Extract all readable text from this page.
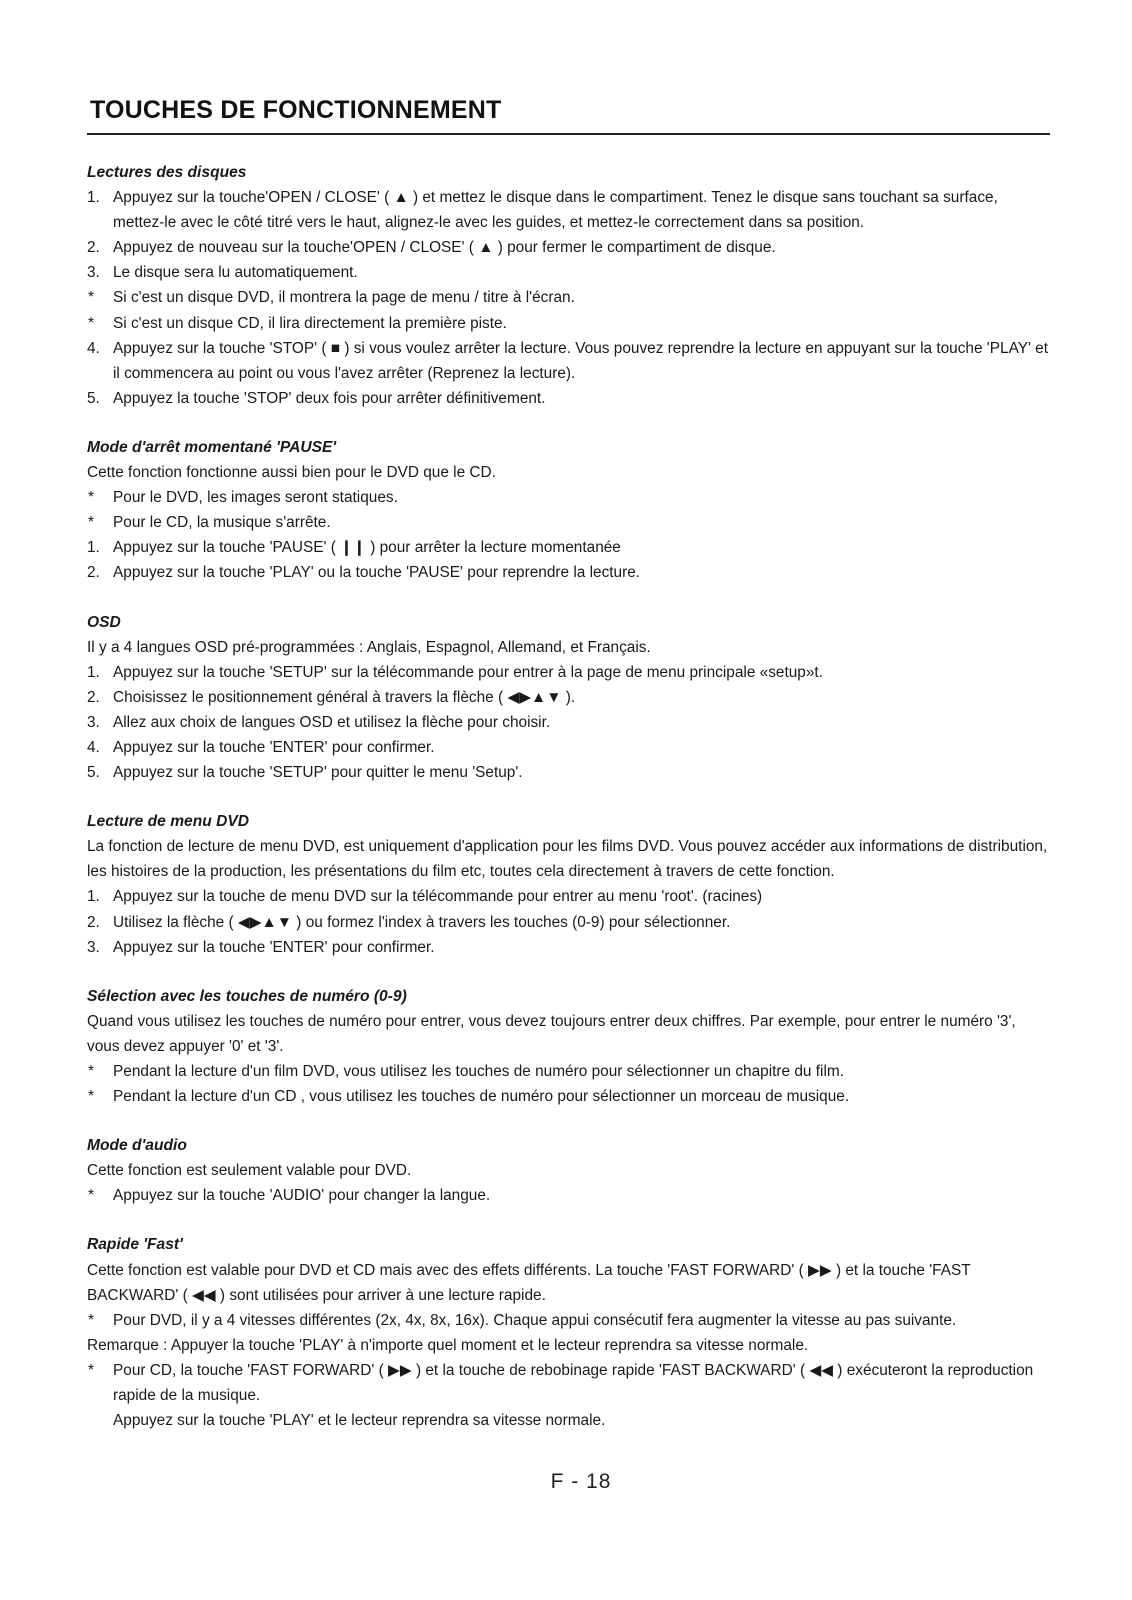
TOUCHES DE FONCTIONNEMENT
Lectures des disques
1. Appuyez sur la touche'OPEN / CLOSE' ( ▲ ) et mettez le disque dans le compartiment. Tenez le disque sans touchant sa surface, mettez-le avec le côté titré vers le haut, alignez-le avec les guides, et mettez-le correctement dans sa position.
2. Appuyez de nouveau sur la touche'OPEN / CLOSE' ( ▲ ) pour fermer le compartiment de disque.
3. Le disque sera lu automatiquement.
*	Si c'est un disque DVD, il montrera la page de menu / titre à l'écran.
*	Si c'est un disque CD, il lira directement la première piste.
4. Appuyez sur la touche 'STOP' ( ■ ) si vous voulez arrêter la lecture. Vous pouvez reprendre la lecture en appuyant sur la touche 'PLAY' et il commencera au point ou vous l'avez arrêter (Reprenez la lecture).
5. Appuyez la touche 'STOP' deux fois pour arrêter définitivement.
Mode d'arrêt momentané 'PAUSE'
Cette fonction fonctionne aussi bien pour le DVD que le CD.
*	Pour le DVD, les images seront statiques.
*	Pour le CD, la musique s'arrête.
1. Appuyez sur la touche 'PAUSE' ( ❙❙ ) pour arrêter la lecture momentanée
2. Appuyez sur la touche 'PLAY' ou la touche 'PAUSE' pour reprendre la lecture.
OSD
Il y a 4 langues OSD pré-programmées : Anglais, Espagnol, Allemand, et Français.
1. Appuyez sur la touche 'SETUP' sur la télécommande pour entrer à la page de menu principale «setup»t.
2. Choisissez le positionnement général à travers la flèche ( ◀▶▲▼ ).
3. Allez aux choix de langues OSD et utilisez la flèche pour choisir.
4. Appuyez sur la touche 'ENTER' pour confirmer.
5. Appuyez sur la touche 'SETUP' pour quitter le menu 'Setup'.
Lecture de menu DVD
La fonction de lecture de menu DVD, est uniquement d'application pour les films DVD. Vous pouvez accéder aux informations de distribution, les histoires de la production, les présentations du film etc, toutes cela directement à travers de cette fonction.
1. Appuyez sur la touche de menu DVD sur la télécommande pour entrer au menu 'root'. (racines)
2. Utilisez la flèche ( ◀▶▲▼ ) ou formez l'index à travers les touches (0-9) pour sélectionner.
3. Appuyez sur la touche 'ENTER' pour confirmer.
Sélection avec les touches de numéro (0-9)
Quand vous utilisez les touches de numéro pour entrer, vous devez toujours entrer deux chiffres. Par exemple, pour entrer le numéro '3', vous devez appuyer '0' et '3'.
*	Pendant la lecture d'un film DVD, vous utilisez les touches de numéro pour sélectionner un chapitre du film.
*	Pendant la lecture d'un CD , vous utilisez les touches de numéro pour sélectionner un morceau de musique.
Mode d'audio
Cette fonction est seulement valable pour DVD.
*	Appuyez sur la touche 'AUDIO' pour changer la langue.
Rapide 'Fast'
Cette fonction est valable pour DVD et CD mais avec des effets différents. La touche 'FAST FORWARD' ( ▶▶ ) et la touche 'FAST BACKWARD' ( ◀◀ ) sont utilisées pour arriver à une lecture rapide.
*	Pour DVD, il y a 4 vitesses différentes (2x, 4x, 8x, 16x). Chaque appui consécutif fera augmenter la vitesse au pas suivante.
Remarque : Appuyer la touche 'PLAY' à n'importe quel moment et le lecteur reprendra sa vitesse normale.
*	Pour CD, la touche 'FAST FORWARD' ( ▶▶ ) et la touche de rebobinage rapide 'FAST BACKWARD' ( ◀◀ ) exécuteront la reproduction rapide de la musique.
Appuyez sur la touche 'PLAY' et le lecteur reprendra sa vitesse normale.
F - 18
